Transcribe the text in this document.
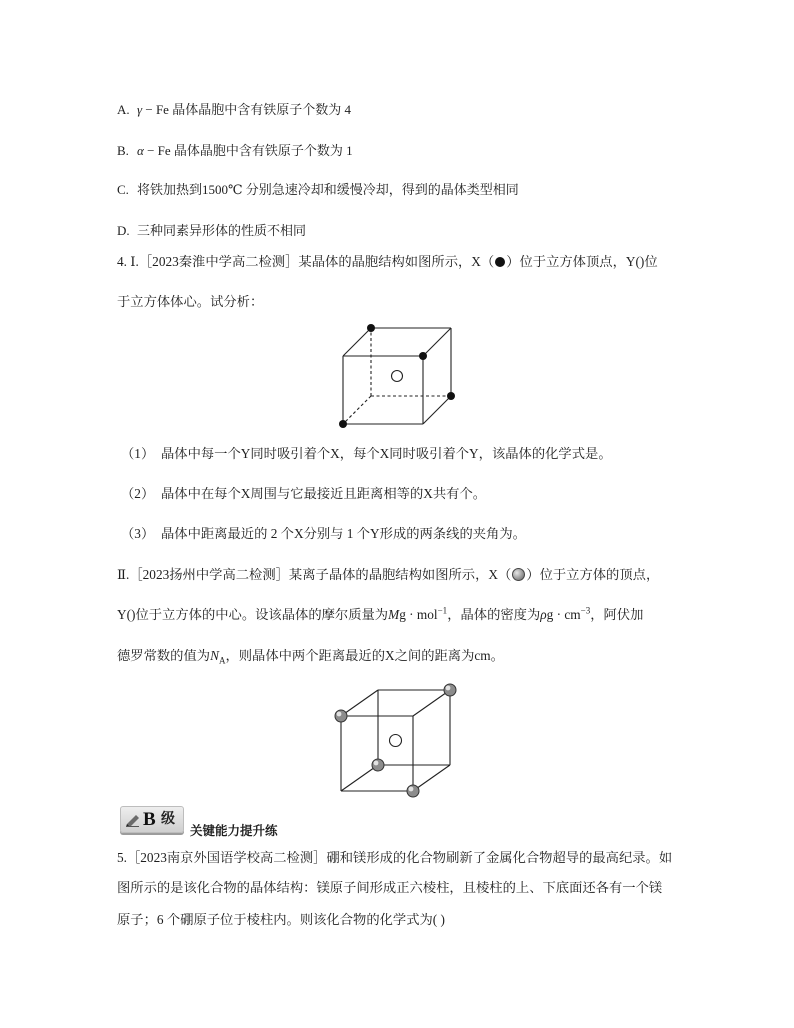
A. γ − Fe 晶体晶胞中含有铁原子个数为 4
B. α − Fe 晶体晶胞中含有铁原子个数为 1
C. 将铁加热到1500℃ 分别急速冷却和缓慢冷却，得到的晶体类型相同
D. 三种同素异形体的性质不相同
4. Ⅰ.［2023秦淮中学高二检测］某晶体的晶胞结构如图所示，X（ ）位于立方体顶点，Y()位
于立方体体心。试分析：
（1） 晶体中每一个Y同时吸引着个X，每个X同时吸引着个Y，该晶体的化学式是。
（2） 晶体中在每个X周围与它最接近且距离相等的X共有个。
（3） 晶体中距离最近的 2 个X分别与 1 个Y形成的两条线的夹角为。
Ⅱ.［2023扬州中学高二检测］某离子晶体的晶胞结构如图所示，X（ ）位于立方体的顶点，
Y()位于立方体的中心。设该晶体的摩尔质量为Mg · mol$^{-1}$，晶体的密度为$\rho g \cdot cm^{-3}$，阿伏加
德罗常数的值为$N_A$，则晶体中两个距离最近的X之间的距离为cm。
B 级
关键能力提升练
5.［2023南京外国语学校高二检测］硼和镁形成的化合物刷新了金属化合物超导的最高纪录。如
图所示的是该化合物的晶体结构：镁原子间形成正六棱柱，且棱柱的上、下底面还各有一个镁
原子；6 个硼原子位于棱柱内。则该化合物的化学式为( )
